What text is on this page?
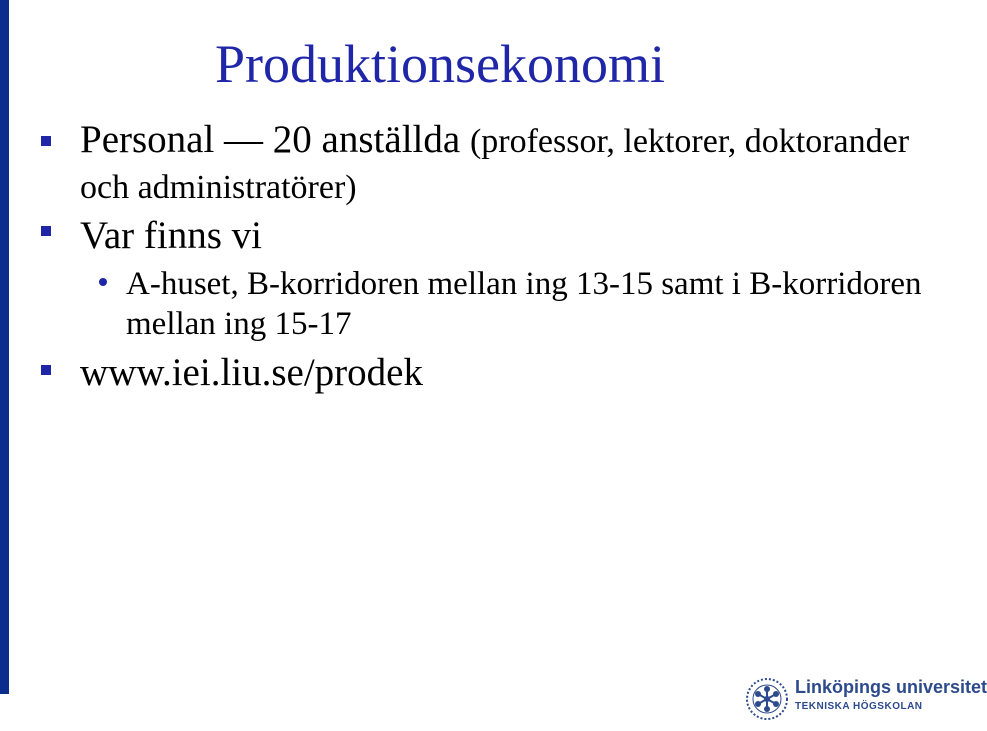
Produktionsekonomi
Personal — 20 anställda (professor, lektorer, doktorander och administratörer)
Var finns vi
A-huset, B-korridoren mellan ing 13-15 samt i B-korridoren mellan ing 15-17
www.iei.liu.se/prodek
Linköpings universitet
TEKNISKA HÖGSKOLAN
